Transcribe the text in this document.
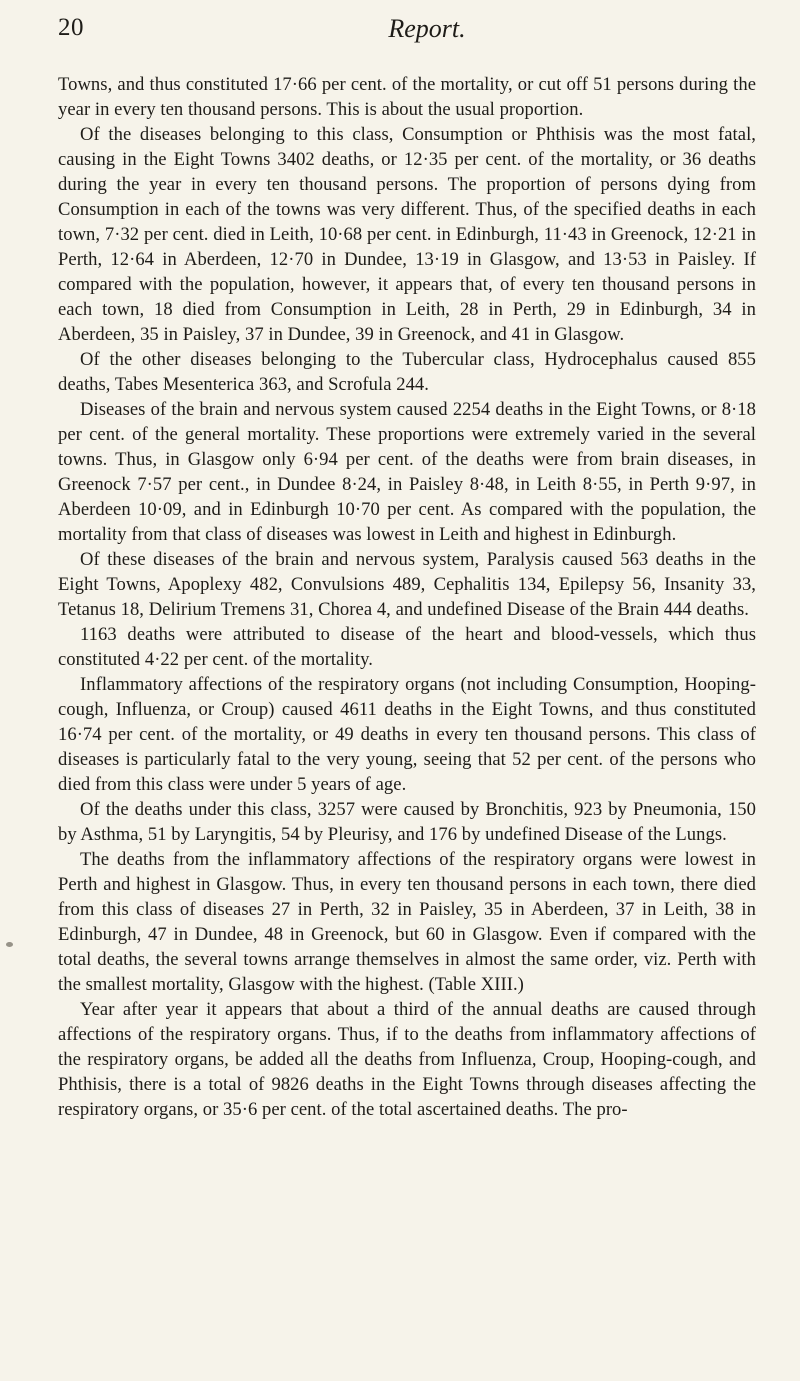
20	Report.

Towns, and thus constituted 17·66 per cent. of the mortality, or cut off 51 persons during the year in every ten thousand persons. This is about the usual proportion.

Of the diseases belonging to this class, Consumption or Phthisis was the most fatal, causing in the Eight Towns 3402 deaths, or 12·35 per cent. of the mortality, or 36 deaths during the year in every ten thousand persons. The proportion of persons dying from Consumption in each of the towns was very different. Thus, of the specified deaths in each town, 7·32 per cent. died in Leith, 10·68 per cent. in Edinburgh, 11·43 in Greenock, 12·21 in Perth, 12·64 in Aberdeen, 12·70 in Dundee, 13·19 in Glasgow, and 13·53 in Paisley. If compared with the population, however, it appears that, of every ten thousand persons in each town, 18 died from Consumption in Leith, 28 in Perth, 29 in Edinburgh, 34 in Aberdeen, 35 in Paisley, 37 in Dundee, 39 in Greenock, and 41 in Glasgow.

Of the other diseases belonging to the Tubercular class, Hydrocephalus caused 855 deaths, Tabes Mesenterica 363, and Scrofula 244.

Diseases of the brain and nervous system caused 2254 deaths in the Eight Towns, or 8·18 per cent. of the general mortality. These proportions were extremely varied in the several towns. Thus, in Glasgow only 6·94 per cent. of the deaths were from brain diseases, in Greenock 7·57 per cent., in Dundee 8·24, in Paisley 8·48, in Leith 8·55, in Perth 9·97, in Aberdeen 10·09, and in Edinburgh 10·70 per cent. As compared with the population, the mortality from that class of diseases was lowest in Leith and highest in Edinburgh.

Of these diseases of the brain and nervous system, Paralysis caused 563 deaths in the Eight Towns, Apoplexy 482, Convulsions 489, Cephalitis 134, Epilepsy 56, Insanity 33, Tetanus 18, Delirium Tremens 31, Chorea 4, and undefined Disease of the Brain 444 deaths.

1163 deaths were attributed to disease of the heart and blood-vessels, which thus constituted 4·22 per cent. of the mortality.

Inflammatory affections of the respiratory organs (not including Consumption, Hooping-cough, Influenza, or Croup) caused 4611 deaths in the Eight Towns, and thus constituted 16·74 per cent. of the mortality, or 49 deaths in every ten thousand persons. This class of diseases is particularly fatal to the very young, seeing that 52 per cent. of the persons who died from this class were under 5 years of age.

Of the deaths under this class, 3257 were caused by Bronchitis, 923 by Pneumonia, 150 by Asthma, 51 by Laryngitis, 54 by Pleurisy, and 176 by undefined Disease of the Lungs.

The deaths from the inflammatory affections of the respiratory organs were lowest in Perth and highest in Glasgow. Thus, in every ten thousand persons in each town, there died from this class of diseases 27 in Perth, 32 in Paisley, 35 in Aberdeen, 37 in Leith, 38 in Edinburgh, 47 in Dundee, 48 in Greenock, but 60 in Glasgow. Even if compared with the total deaths, the several towns arrange themselves in almost the same order, viz. Perth with the smallest mortality, Glasgow with the highest. (Table XIII.)

Year after year it appears that about a third of the annual deaths are caused through affections of the respiratory organs. Thus, if to the deaths from inflammatory affections of the respiratory organs, be added all the deaths from Influenza, Croup, Hooping-cough, and Phthisis, there is a total of 9826 deaths in the Eight Towns through diseases affecting the respiratory organs, or 35·6 per cent. of the total ascertained deaths. The pro-
